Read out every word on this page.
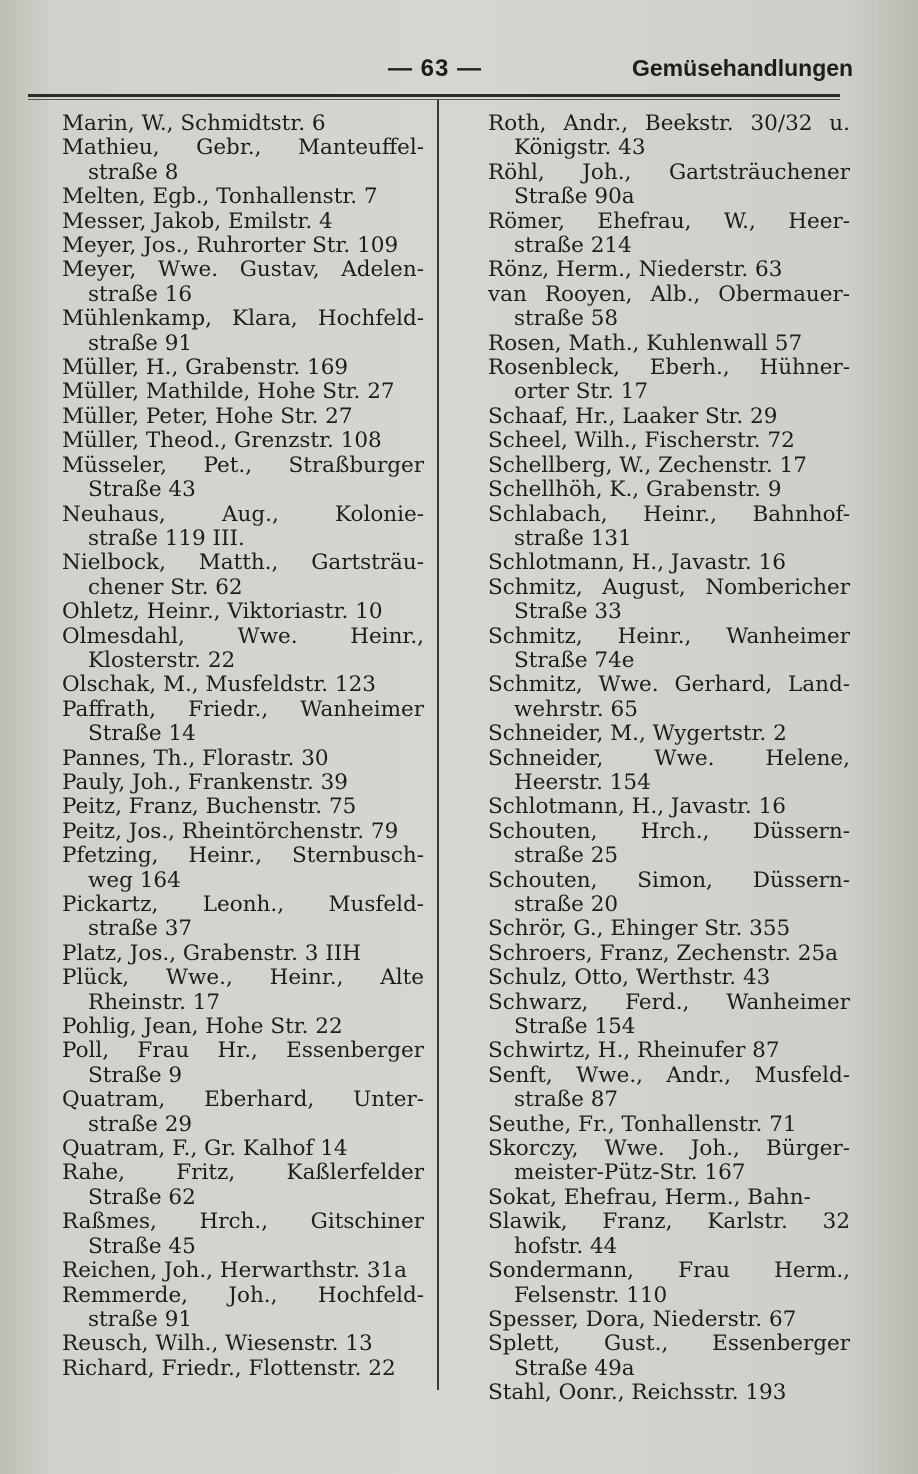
— 63 —	Gemüsehandlungen
Marin, W., Schmidtstr. 6
Mathieu, Gebr., Manteuffel-
straße 8
Melten, Egb., Tonhallenstr. 7
Messer, Jakob, Emilstr. 4
Meyer, Jos., Ruhrorter Str. 109
Meyer, Wwe. Gustav, Adelen-
straße 16
Mühlenkamp, Klara, Hochfeld-
straße 91
Müller, H., Grabenstr. 169
Müller, Mathilde, Hohe Str. 27
Müller, Peter, Hohe Str. 27
Müller, Theod., Grenzstr. 108
Müsseler, Pet., Straßburger
Straße 43
Neuhaus, Aug., Kolonie-
straße 119 III.
Nielbock, Matth., Gartsträu-
chener Str. 62
Ohletz, Heinr., Viktoriastr. 10
Olmesdahl, Wwe. Heinr.,
Klosterstr. 22
Olschak, M., Musfeldstr. 123
Paffrath, Friedr., Wanheimer
Straße 14
Pannes, Th., Florastr. 30
Pauly, Joh., Frankenstr. 39
Peitz, Franz, Buchenstr. 75
Peitz, Jos., Rheintörchenstr. 79
Pfetzing, Heinr., Sternbusch-
weg 164
Pickartz, Leonh., Musfeld-
straße 37
Platz, Jos., Grabenstr. 3 IIH
Plück, Wwe., Heinr., Alte
Rheinstr. 17
Pohlig, Jean, Hohe Str. 22
Poll, Frau Hr., Essenberger
Straße 9
Quatram, Eberhard, Unter-
straße 29
Quatram, F., Gr. Kalhof 14
Rahe, Fritz, Kaßlerfelder
Straße 62
Raßmes, Hrch., Gitschiner
Straße 45
Reichen, Joh., Herwarthstr. 31a
Remmerde, Joh., Hochfeld-
straße 91
Reusch, Wilh., Wiesenstr. 13
Richard, Friedr., Flottenstr. 22
Roth, Andr., Beekstr. 30/32 u.
Königstr. 43
Röhl, Joh., Gartsträuchener
Straße 90a
Römer, Ehefrau, W., Heer-
straße 214
Rönz, Herm., Niederstr. 63
van Rooyen, Alb., Obermauer-
straße 58
Rosen, Math., Kuhlenwall 57
Rosenbleck, Eberh., Hühner-
orter Str. 17
Schaaf, Hr., Laaker Str. 29
Scheel, Wilh., Fischerstr. 72
Schellberg, W., Zechenstr. 17
Schellhöh, K., Grabenstr. 9
Schlabach, Heinr., Bahnhof-
straße 131
Schlotmann, H., Javastr. 16
Schmitz, August, Nombericher
Straße 33
Schmitz, Heinr., Wanheimer
Straße 74e
Schmitz, Wwe. Gerhard, Land-
wehrstr. 65
Schneider, M., Wygertstr. 2
Schneider, Wwe. Helene,
Heerstr. 154
Schlotmann, H., Javastr. 16
Schouten, Hrch., Düssern-
straße 25
Schouten, Simon, Düssern-
straße 20
Schrör, G., Ehinger Str. 355
Schroers, Franz, Zechenstr. 25a
Schulz, Otto, Werthstr. 43
Schwarz, Ferd., Wanheimer
Straße 154
Schwirtz, H., Rheinufer 87
Senft, Wwe., Andr., Musfeld-
straße 87
Seuthe, Fr., Tonhallenstr. 71
Skorczy, Wwe. Joh., Bürger-
meister-Pütz-Str. 167
Sokat, Ehefrau, Herm., Bahn-
Slawik, Franz, Karlstr. 32
hofstr. 44
Sondermann, Frau Herm.,
Felsenstr. 110
Spesser, Dora, Niederstr. 67
Splett, Gust., Essenberger
Straße 49a
Stahl, Oonr., Reichsstr. 193
